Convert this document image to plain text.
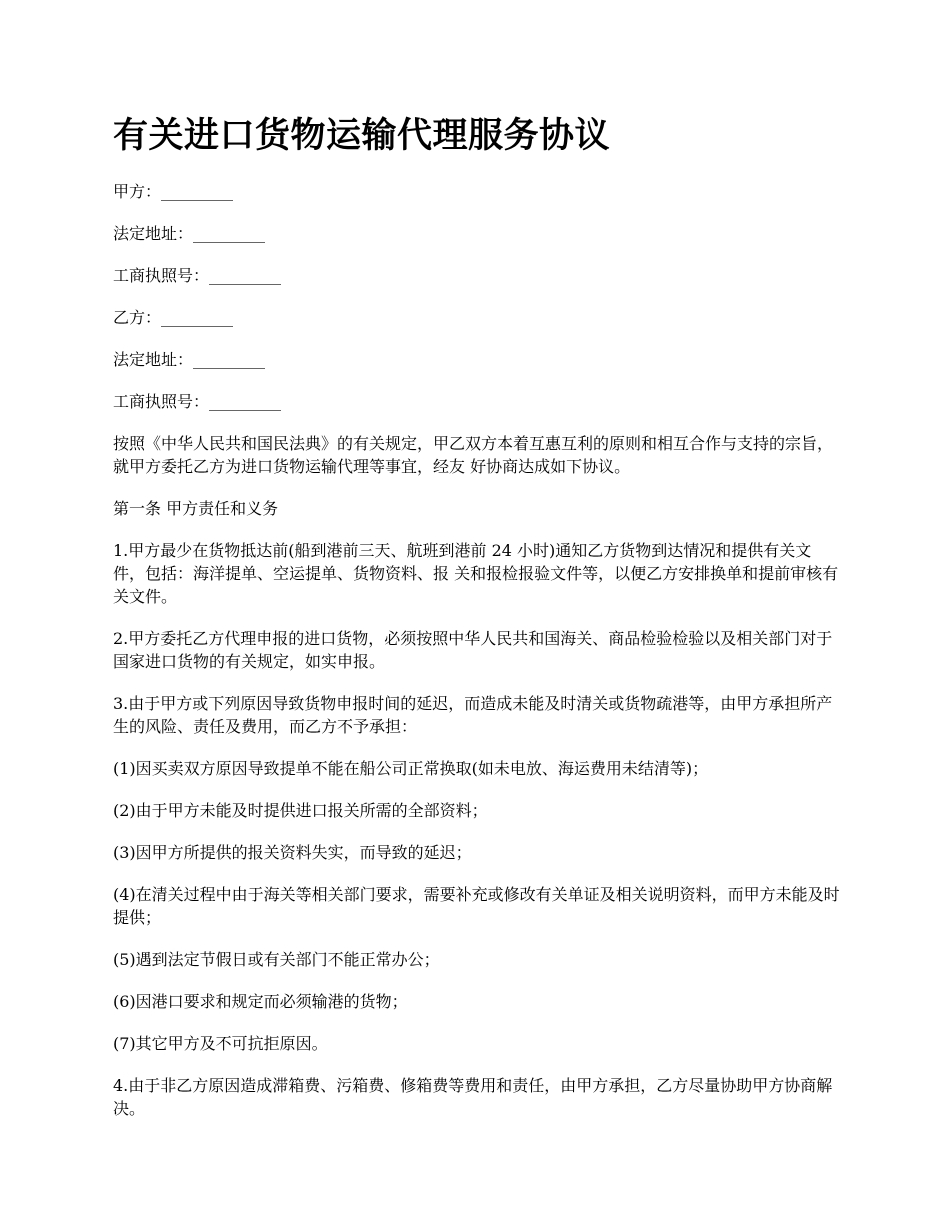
有关进口货物运输代理服务协议
甲方：_________
法定地址：_________
工商执照号：_________
乙方：_________
法定地址：_________
工商执照号：_________

按照《中华人民共和国民法典》的有关规定，甲乙双方本着互惠互利的原则和相互合作与支持的宗旨，就甲方委托乙方为进口货物运输代理等事宜，经友 好协商达成如下协议。

第一条 甲方责任和义务

1.甲方最少在货物抵达前(船到港前三天、航班到港前 24 小时)通知乙方货物到达情况和提供有关文件，包括：海洋提单、空运提单、货物资料、报 关和报检报验文件等，以便乙方安排换单和提前审核有关文件。

2.甲方委托乙方代理申报的进口货物，必须按照中华人民共和国海关、商品检验检验以及相关部门对于国家进口货物的有关规定，如实申报。

3.由于甲方或下列原因导致货物申报时间的延迟，而造成未能及时清关或货物疏港等，由甲方承担所产生的风险、责任及费用，而乙方不予承担：

(1)因买卖双方原因导致提单不能在船公司正常换取(如未电放、海运费用未结清等)；

(2)由于甲方未能及时提供进口报关所需的全部资料；

(3)因甲方所提供的报关资料失实，而导致的延迟；

(4)在清关过程中由于海关等相关部门要求，需要补充或修改有关单证及相关说明资料，而甲方未能及时提供；

(5)遇到法定节假日或有关部门不能正常办公；

(6)因港口要求和规定而必须输港的货物；

(7)其它甲方及不可抗拒原因。

4.由于非乙方原因造成滞箱费、污箱费、修箱费等费用和责任，由甲方承担，乙方尽量协助甲方协商解决。
